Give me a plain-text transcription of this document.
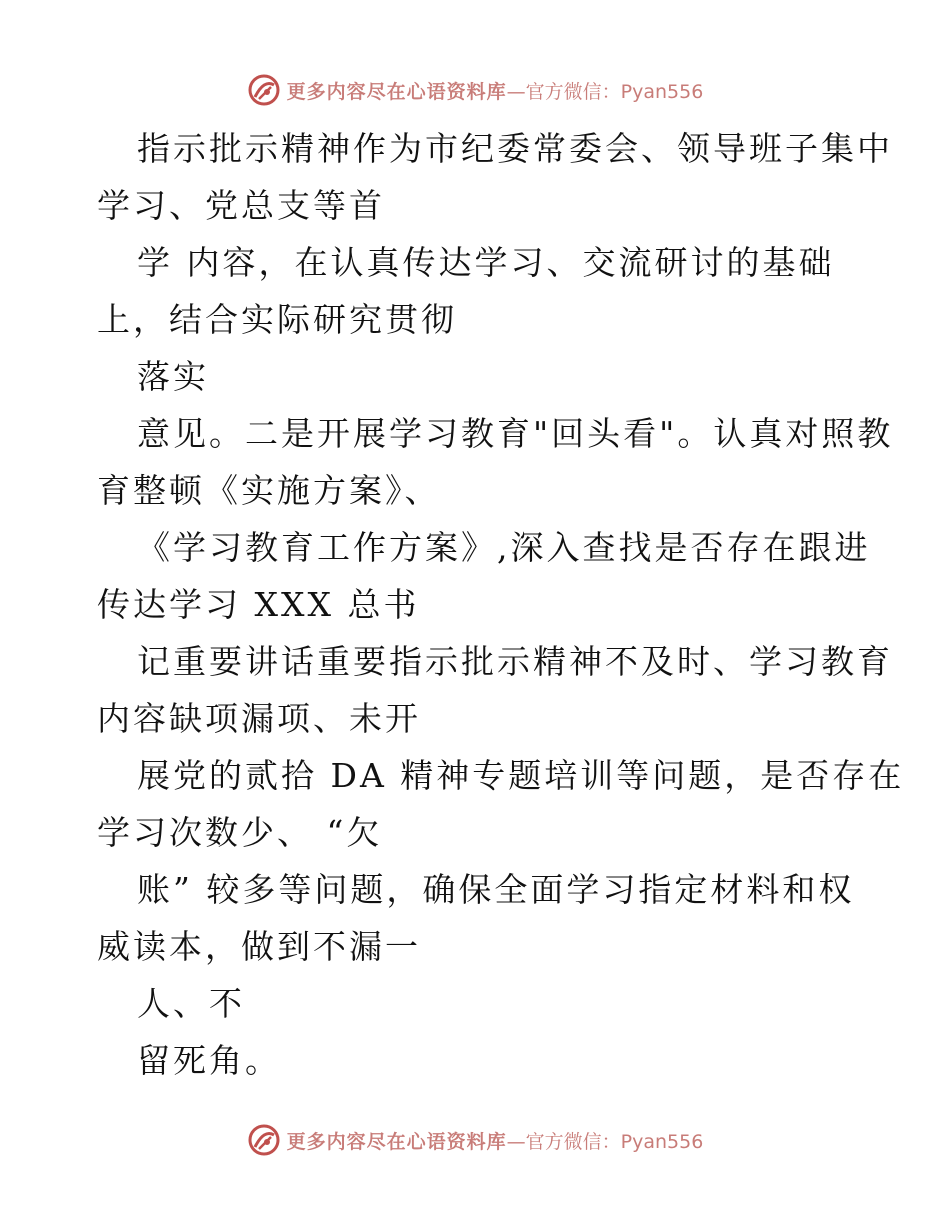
更多内容尽在心语资料库 —官方微信：Pyan556
指示批示精神作为市纪委常委会、领导班子集中
学习、党总支等首
学 内容，在认真传达学习、交流研讨的基础
上，结合实际研究贯彻
落实
意见。二是开展学习教育"回头看"。认真对照教
育整顿《实施方案》、
《学习教育工作方案》,深入查找是否存在跟进
传达学习 XXX 总书
记重要讲话重要指示批示精神不及时、学习教育
内容缺项漏项、未开
展党的贰拾 DA 精神专题培训等问题，是否存在
学习次数少、 “欠
账” 较多等问题，确保全面学习指定材料和权
威读本，做到不漏一
人、不
留死角。
更多内容尽在心语资料库 —官方微信：Pyan556
